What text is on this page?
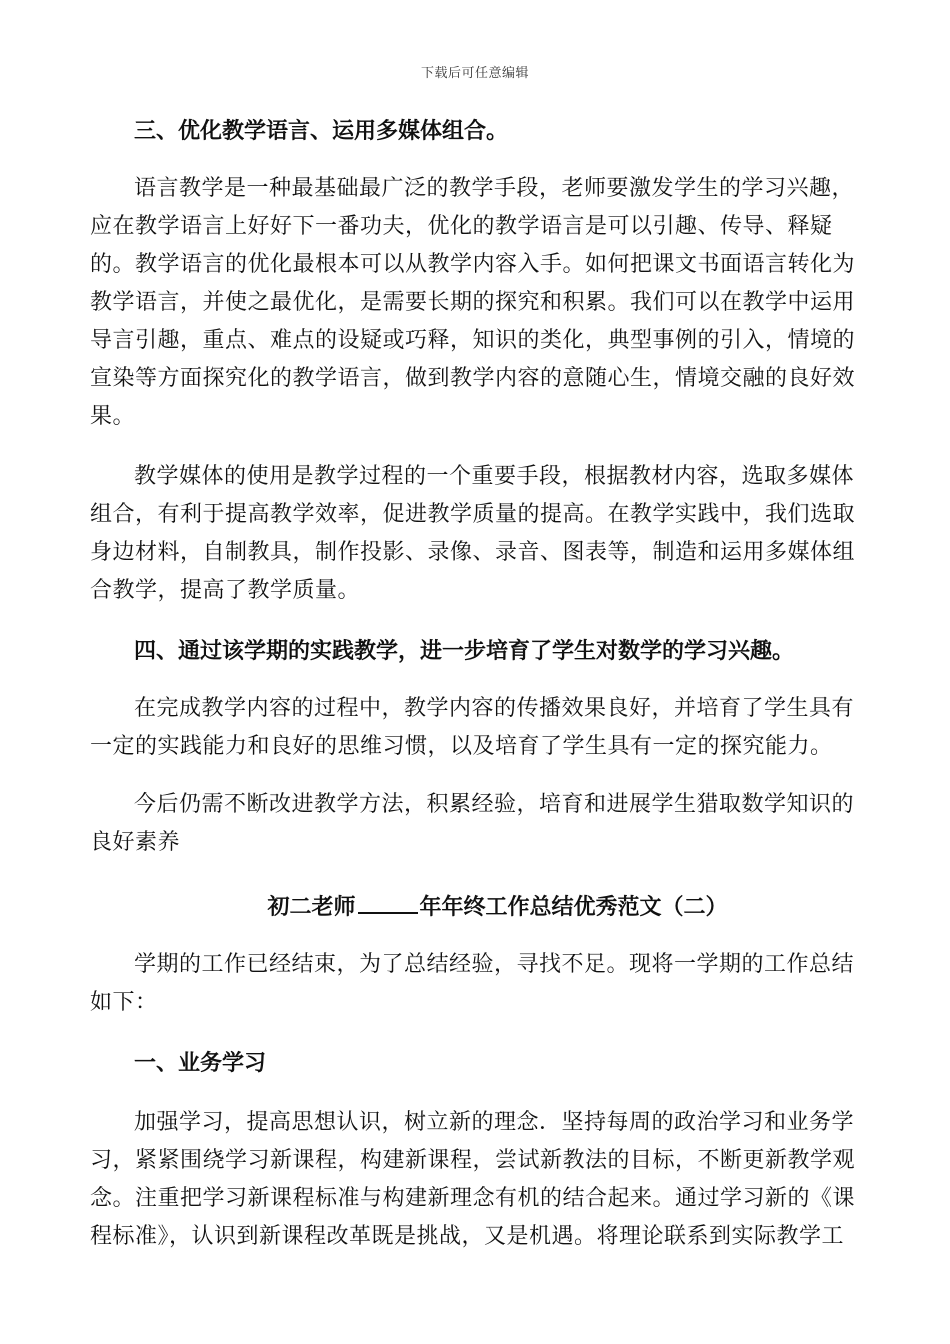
下载后可任意编辑

三、优化教学语言、运用多媒体组合。

语言教学是一种最基础最广泛的教学手段，老师要激发学生的学习兴趣，应在教学语言上好好下一番功夫，优化的教学语言是可以引趣、传导、释疑的。教学语言的优化最根本可以从教学内容入手。如何把课文书面语言转化为教学语言，并使之最优化，是需要长期的探究和积累。我们可以在教学中运用导言引趣，重点、难点的设疑或巧释，知识的类化，典型事例的引入，情境的宣染等方面探究化的教学语言，做到教学内容的意随心生，情境交融的良好效果。

教学媒体的使用是教学过程的一个重要手段，根据教材内容，选取多媒体组合，有利于提高教学效率，促进教学质量的提高。在教学实践中，我们选取身边材料，自制教具，制作投影、录像、录音、图表等，制造和运用多媒体组合教学，提高了教学质量。

四、通过该学期的实践教学，进一步培育了学生对数学的学习兴趣。

在完成教学内容的过程中，教学内容的传播效果良好，并培育了学生具有一定的实践能力和良好的思维习惯，以及培育了学生具有一定的探究能力。

今后仍需不断改进教学方法，积累经验，培育和进展学生猎取数学知识的良好素养

初二老师	年年终工作总结优秀范文（二）

学期的工作已经结束，为了总结经验，寻找不足。现将一学期的工作总结如下：

一、业务学习

加强学习，提高思想认识，树立新的理念．坚持每周的政治学习和业务学习，紧紧围绕学习新课程，构建新课程，尝试新教法的目标，不断更新教学观念。注重把学习新课程标准与构建新理念有机的结合起来。通过学习新的《课程标准》，认识到新课程改革既是挑战，又是机遇。将理论联系到实际教学工
